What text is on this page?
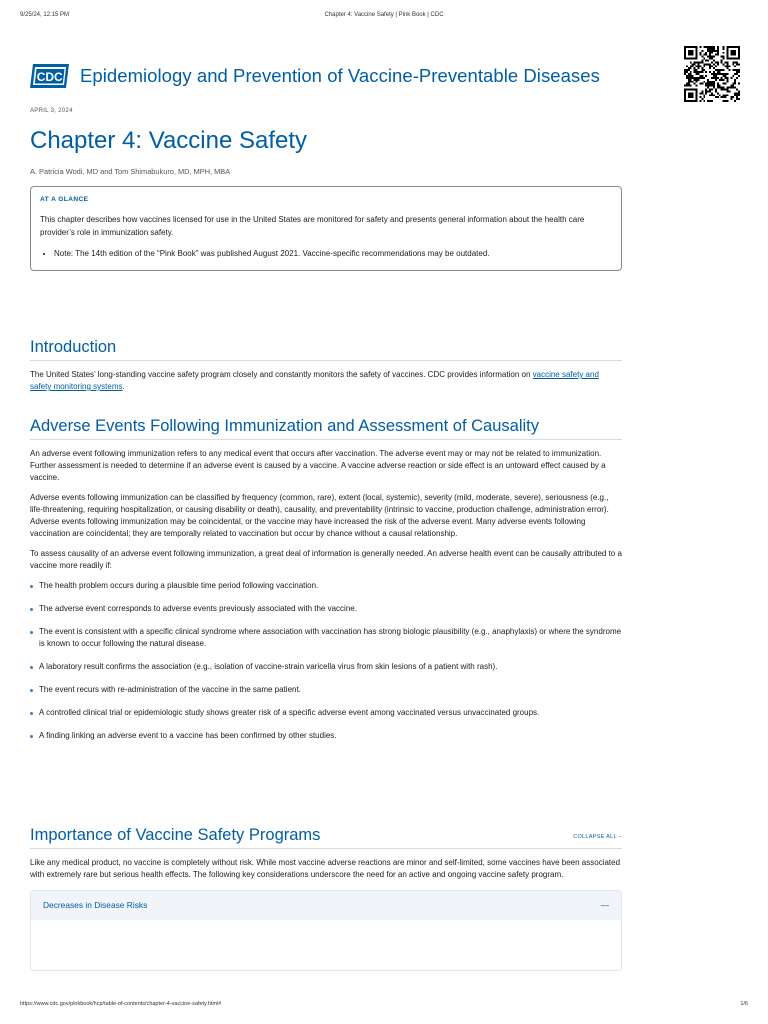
9/25/24, 12:15 PM	Chapter 4: Vaccine Safety | Pink Book | CDC
CDC Epidemiology and Prevention of Vaccine-Preventable Diseases
APRIL 3, 2024
Chapter 4: Vaccine Safety
A. Patricia Wodi, MD and Tom Shimabukuro, MD, MPH, MBA
AT A GLANCE

This chapter describes how vaccines licensed for use in the United States are monitored for safety and presents general information about the health care provider’s role in immunization safety.

• Note: The 14th edition of the “Pink Book” was published August 2021. Vaccine-specific recommendations may be outdated.
Introduction

The United States’ long-standing vaccine safety program closely and constantly monitors the safety of vaccines. CDC provides information on vaccine safety and safety monitoring systems.

Adverse Events Following Immunization and Assessment of Causality

An adverse event following immunization refers to any medical event that occurs after vaccination. The adverse event may or may not be related to immunization. Further assessment is needed to determine if an adverse event is caused by a vaccine. A vaccine adverse reaction or side effect is an untoward effect caused by a vaccine.

Adverse events following immunization can be classified by frequency (common, rare), extent (local, systemic), severity (mild, moderate, severe), seriousness (e.g., life-threatening, requiring hospitalization, or causing disability or death), causality, and preventability (intrinsic to vaccine, production challenge, administration error). Adverse events following immunization may be coincidental, or the vaccine may have increased the risk of the adverse event. Many adverse events following vaccination are coincidental; they are temporally related to vaccination but occur by chance without a causal relationship.

To assess causality of an adverse event following immunization, a great deal of information is generally needed. An adverse health event can be causally attributed to a vaccine more readily if:

The health problem occurs during a plausible time period following vaccination.
The adverse event corresponds to adverse events previously associated with the vaccine.
The event is consistent with a specific clinical syndrome where association with vaccination has strong biologic plausibility (e.g., anaphylaxis) or where the syndrome is known to occur following the natural disease.
A laboratory result confirms the association (e.g., isolation of vaccine-strain varicella virus from skin lesions of a patient with rash).
The event recurs with re-administration of the vaccine in the same patient.
A controlled clinical trial or epidemiologic study shows greater risk of a specific adverse event among vaccinated versus unvaccinated groups.
A finding linking an adverse event to a vaccine has been confirmed by other studies.
Importance of Vaccine Safety Programs	COLLAPSE ALL −

Like any medical product, no vaccine is completely without risk. While most vaccine adverse reactions are minor and self-limited, some vaccines have been associated with extremely rare but serious health effects. The following key considerations underscore the need for an active and ongoing vaccine safety program.

Decreases in Disease Risks	—
https://www.cdc.gov/pinkbook/hcp/table-of-contents/chapter-4-vaccine-safety.html#	1/6
